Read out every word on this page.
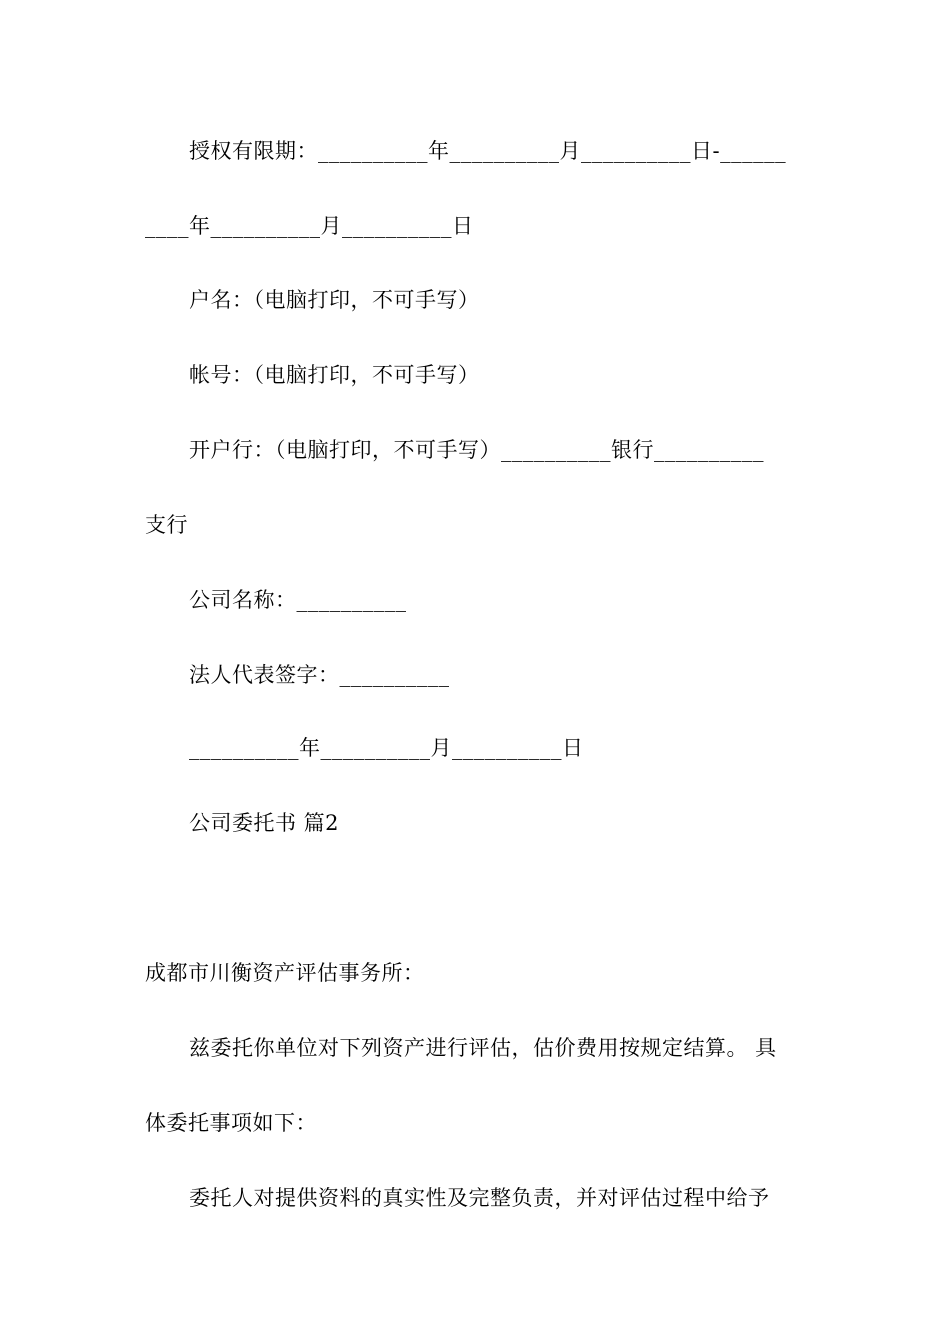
授权有限期：__________年__________月__________日-______
____年__________月__________日
户名：（电脑打印，不可手写）
帐号：（电脑打印，不可手写）
开户行：（电脑打印，不可手写）__________银行__________
支行
公司名称：__________
法人代表签字：__________
__________年__________月__________日
公司委托书 篇2
成都市川衡资产评估事务所：
兹委托你单位对下列资产进行评估，估价费用按规定结算。 具
体委托事项如下：
委托人对提供资料的真实性及完整负责，并对评估过程中给予
